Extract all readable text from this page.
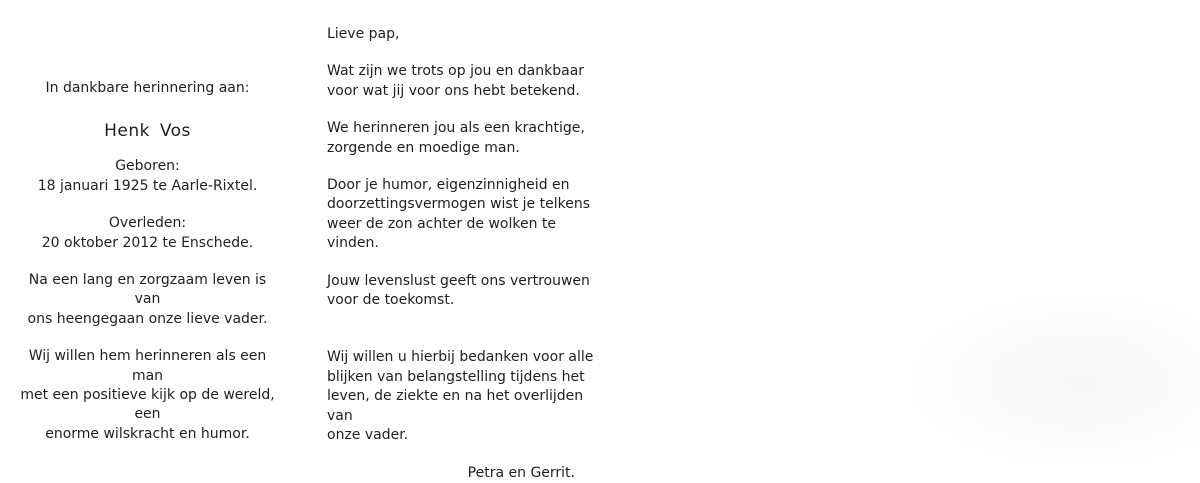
In dankbare herinnering aan:

Henk Vos

Geboren:

18 januari 1925 te Aarle-Rixtel.

Overleden:

20 oktober 2012 te Enschede.

Na een lang en zorgzaam leven is van
ons heengegaan onze lieve vader.

Wij willen hem herinneren als een man
met een positieve kijk op de wereld, een
enorme wilskracht en humor.

Lieve pap,

Wat zijn we trots op jou en dankbaar
voor wat jij voor ons hebt betekend.

We herinneren jou als een krachtige,
zorgende en moedige man.

Door je humor, eigenzinnigheid en
doorzettingsvermogen wist je telkens
weer de zon achter de wolken te
vinden.

Jouw levenslust geeft ons vertrouwen
voor de toekomst.

Wij willen u hierbij bedanken voor alle
blijken van belangstelling tijdens het
leven, de ziekte en na het overlijden van
onze vader.

Petra en Gerrit.
